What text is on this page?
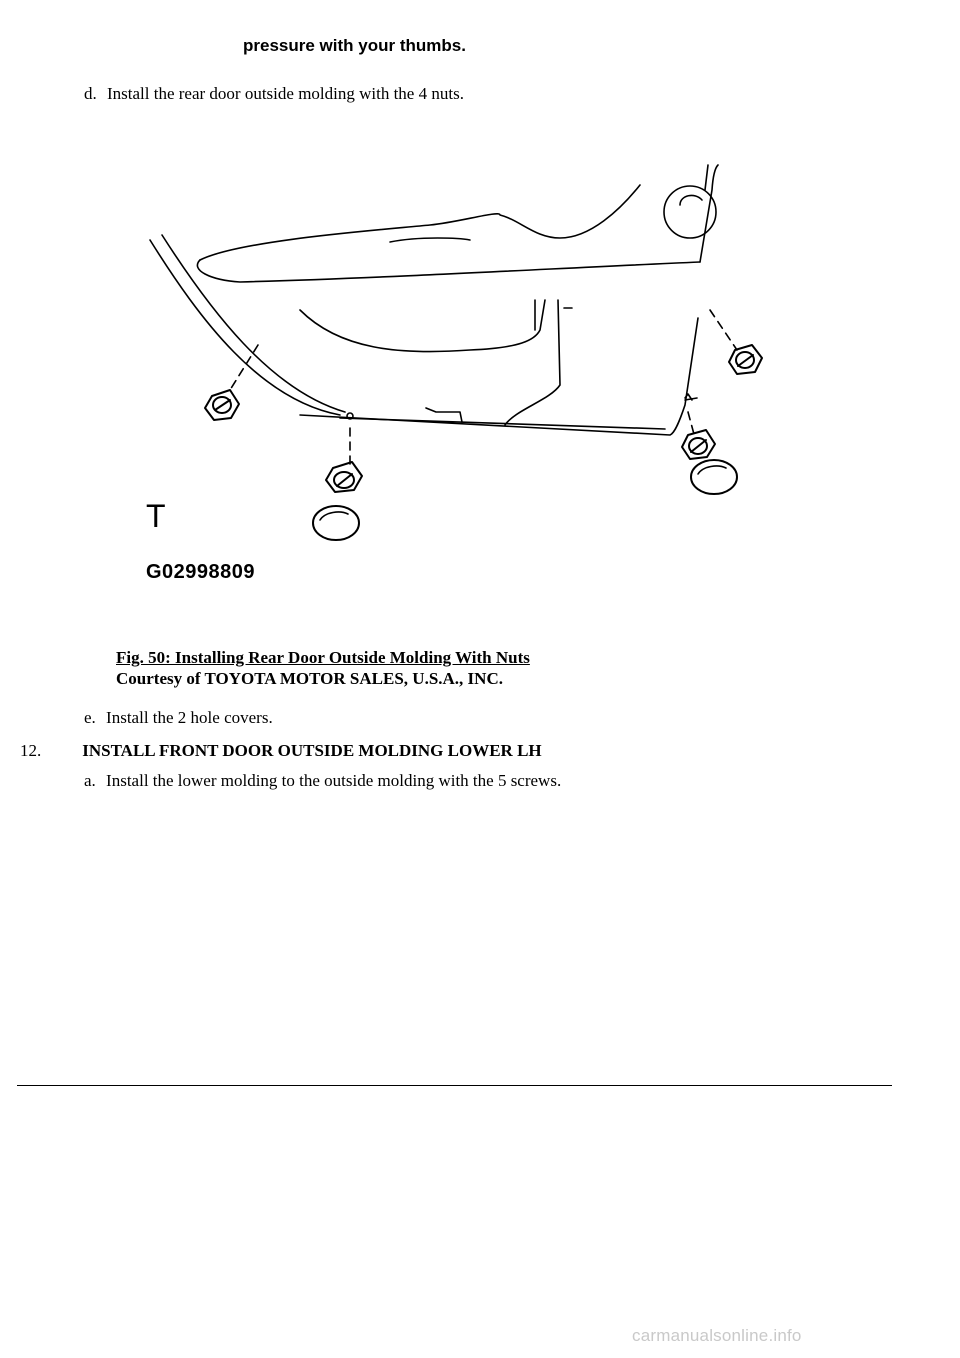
pressure with your thumbs.
d. Install the rear door outside molding with the 4 nuts.
T
G02998809
Fig. 50: Installing Rear Door Outside Molding With Nuts
Courtesy of TOYOTA MOTOR SALES, U.S.A., INC.
e. Install the 2 hole covers.
12. INSTALL FRONT DOOR OUTSIDE MOLDING LOWER LH
a. Install the lower molding to the outside molding with the 5 screws.
carmanualsonline.info
